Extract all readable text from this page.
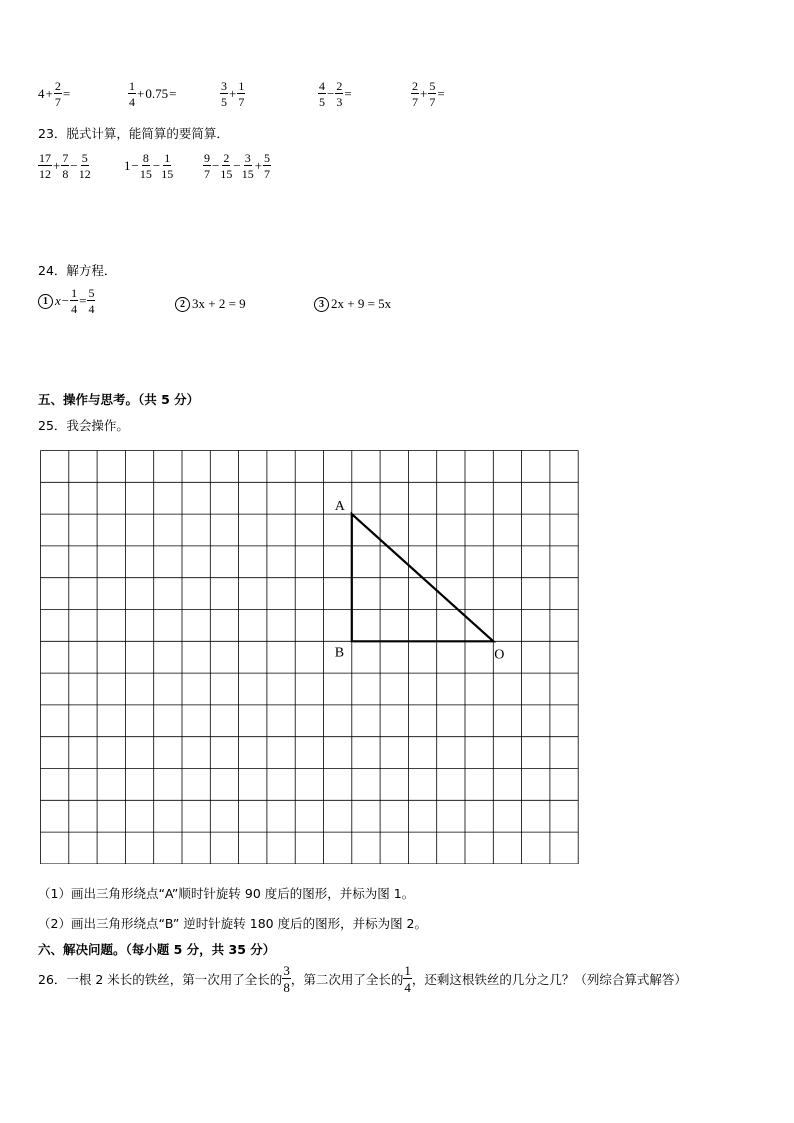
$4 + \frac{2}{7}$ =	$\frac{1}{4} + 0.75$ =	$\frac{3}{5} + \frac{1}{7}$	$\frac{4}{5} - \frac{2}{3}$ =	$\frac{2}{7} + \frac{5}{7}$ =
23．脱式计算，能简算的要简算．
$\frac{17}{12} + \frac{7}{8} - \frac{5}{12}$	$1 - \frac{8}{15} - \frac{1}{15} \frac{9}{7} - \frac{2}{15} - \frac{3}{15} + \frac{5}{7}$
24．解方程．
1 $x - \frac{1}{4} = \frac{5}{4}$	2 3x + 2 = 9	3 2x + 9 = 5x
五、操作与思考。（共 5 分）
25．我会操作。
A
B	O
（1）画出三角形绕点“A”顺时针旋转 90 度后的图形，并标为图 1。
（2）画出三角形绕点“B” 逆时针旋转 180 度后的图形，并标为图 2。
六、解决问题。（每小题 5 分，共 35 分）
26．一根 2 米长的铁丝，第一次用了全长的 $\frac{3}{8}$ ，第二次用了全长的 $\frac{1}{4}$ ，还剩这根铁丝的几分之几？（列综合算式解答）
